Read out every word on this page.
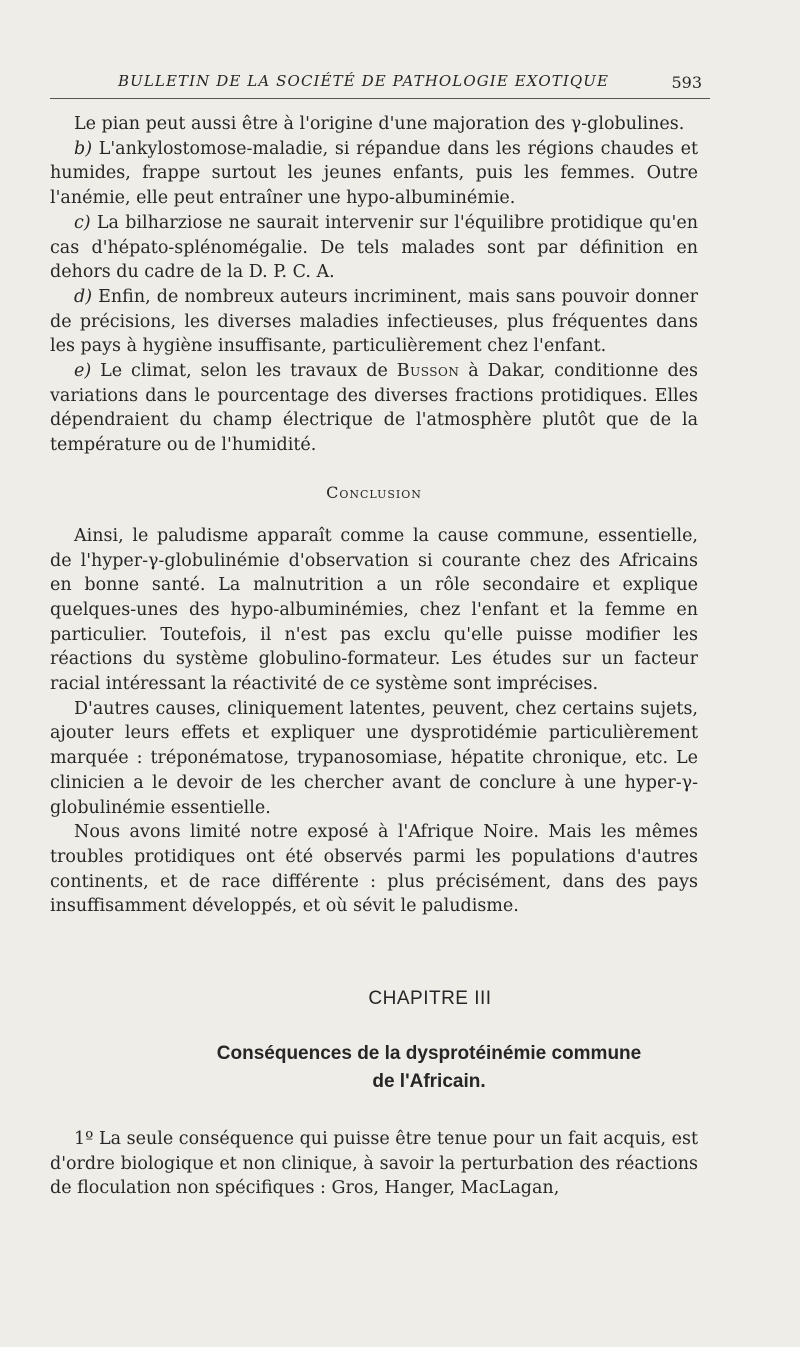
BULLETIN DE LA SOCIÉTÉ DE PATHOLOGIE EXOTIQUE	593

Le pian peut aussi être à l'origine d'une majoration des γ-globulines.

b) L'ankylostomose-maladie, si répandue dans les régions chaudes et humides, frappe surtout les jeunes enfants, puis les femmes. Outre l'anémie, elle peut entraîner une hypo-albuminémie.

c) La bilharziose ne saurait intervenir sur l'équilibre protidique qu'en cas d'hépato-splénomégalie. De tels malades sont par définition en dehors du cadre de la D. P. C. A.

d) Enfin, de nombreux auteurs incriminent, mais sans pouvoir donner de précisions, les diverses maladies infectieuses, plus fréquentes dans les pays à hygiène insuffisante, particulièrement chez l'enfant.

e) Le climat, selon les travaux de Busson à Dakar, conditionne des variations dans le pourcentage des diverses fractions protidiques. Elles dépendraient du champ électrique de l'atmosphère plutôt que de la température ou de l'humidité.

Conclusion

Ainsi, le paludisme apparaît comme la cause commune, essentielle, de l'hyper-γ-globulinémie d'observation si courante chez des Africains en bonne santé. La malnutrition a un rôle secondaire et explique quelques-unes des hypo-albuminémies, chez l'enfant et la femme en particulier. Toutefois, il n'est pas exclu qu'elle puisse modifier les réactions du système globulino-formateur. Les études sur un facteur racial intéressant la réactivité de ce système sont imprécises.

D'autres causes, cliniquement latentes, peuvent, chez certains sujets, ajouter leurs effets et expliquer une dysprotidémie particulièrement marquée : tréponématose, trypanosomiase, hépatite chronique, etc. Le clinicien a le devoir de les chercher avant de conclure à une hyper-γ-globulinémie essentielle.

Nous avons limité notre exposé à l'Afrique Noire. Mais les mêmes troubles protidiques ont été observés parmi les populations d'autres continents, et de race différente : plus précisément, dans des pays insuffisamment développés, et où sévit le paludisme.

CHAPITRE III
Conséquences de la dysprotéinémie commune
de l'Africain.

1º La seule conséquence qui puisse être tenue pour un fait acquis, est d'ordre biologique et non clinique, à savoir la perturbation des réactions de floculation non spécifiques : Gros, Hanger, MacLagan,
